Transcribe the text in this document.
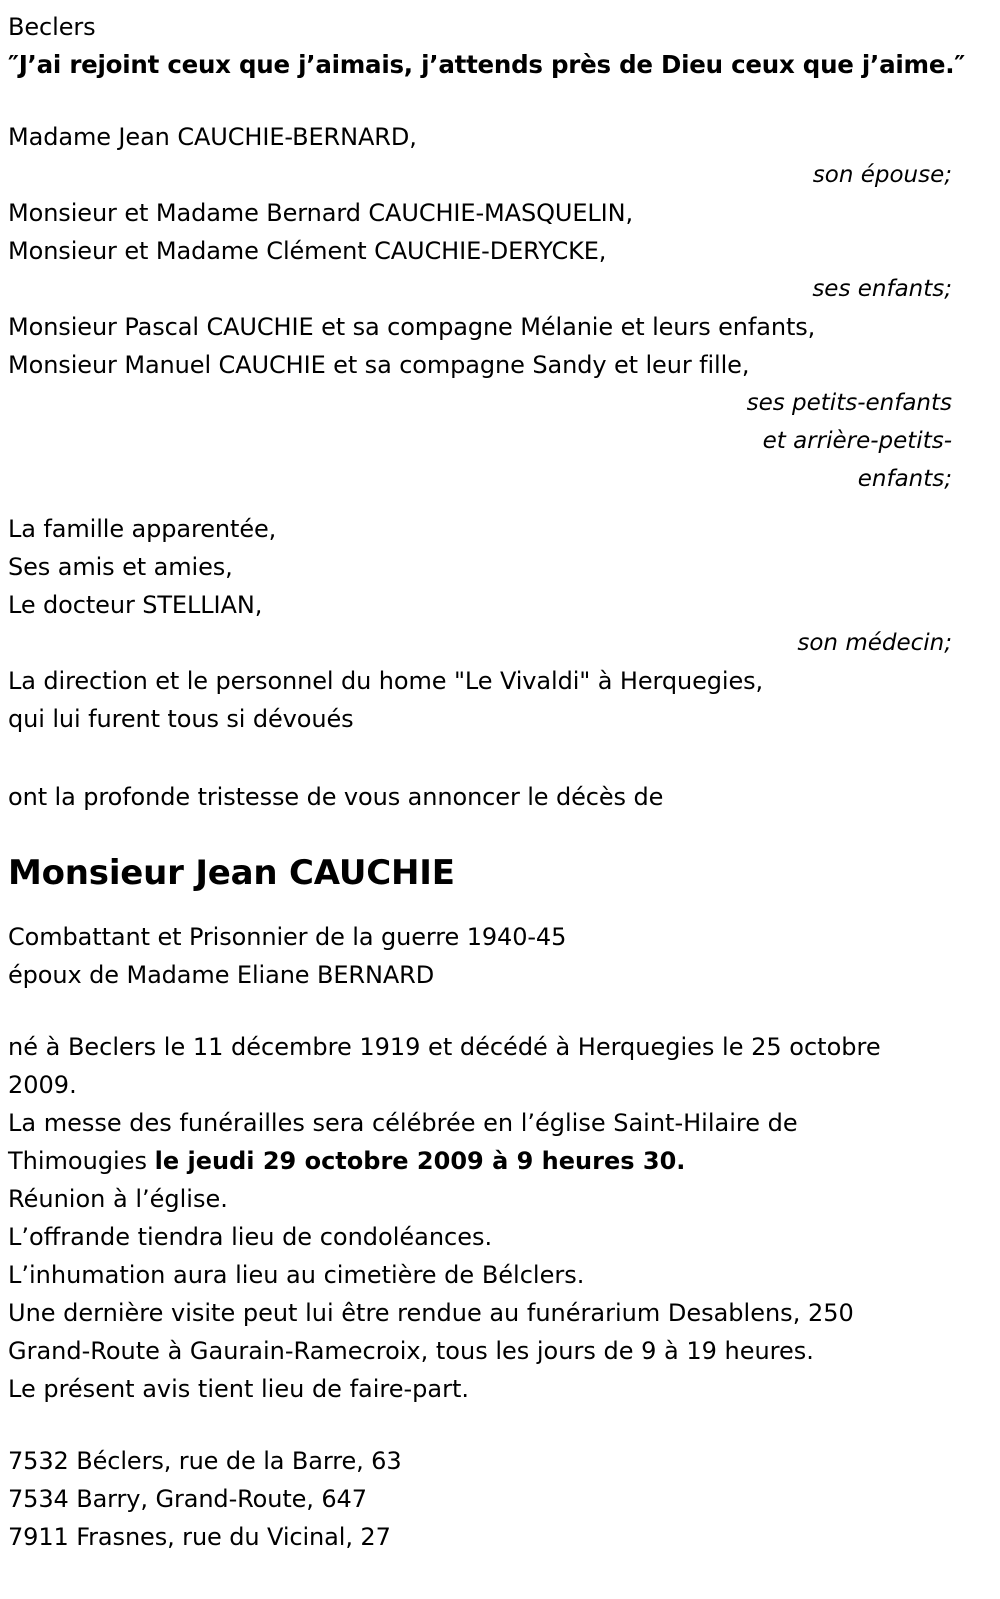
Beclers
″J’ai rejoint ceux que j’aimais, j’attends près de Dieu ceux que j’aime.″
Madame Jean CAUCHIE-BERNARD,
son épouse;
Monsieur et Madame Bernard CAUCHIE-MASQUELIN,
Monsieur et Madame Clément CAUCHIE-DERYCKE,
ses enfants;
Monsieur Pascal CAUCHIE et sa compagne Mélanie et leurs enfants,
Monsieur Manuel CAUCHIE et sa compagne Sandy et leur fille,
ses petits-enfants
et arrière-petits-
enfants;
La famille apparentée,
Ses amis et amies,
Le docteur STELLIAN,
son médecin;
La direction et le personnel du home "Le Vivaldi" à Herquegies,
qui lui furent tous si dévoués
ont la profonde tristesse de vous annoncer le décès de
Monsieur Jean CAUCHIE
Combattant et Prisonnier de la guerre 1940-45
époux de Madame Eliane BERNARD
né à Beclers le 11 décembre 1919 et décédé à Herquegies le 25 octobre 2009.
La messe des funérailles sera célébrée en l’église Saint-Hilaire de Thimougies le jeudi 29 octobre 2009 à 9 heures 30.
Réunion à l’église.
L’offrande tiendra lieu de condoléances.
L’inhumation aura lieu au cimetière de Bélclers.
Une dernière visite peut lui être rendue au funérarium Desablens, 250 Grand-Route à Gaurain-Ramecroix, tous les jours de 9 à 19 heures.
Le présent avis tient lieu de faire-part.
7532 Béclers, rue de la Barre, 63
7534 Barry, Grand-Route, 647
7911 Frasnes, rue du Vicinal, 27
